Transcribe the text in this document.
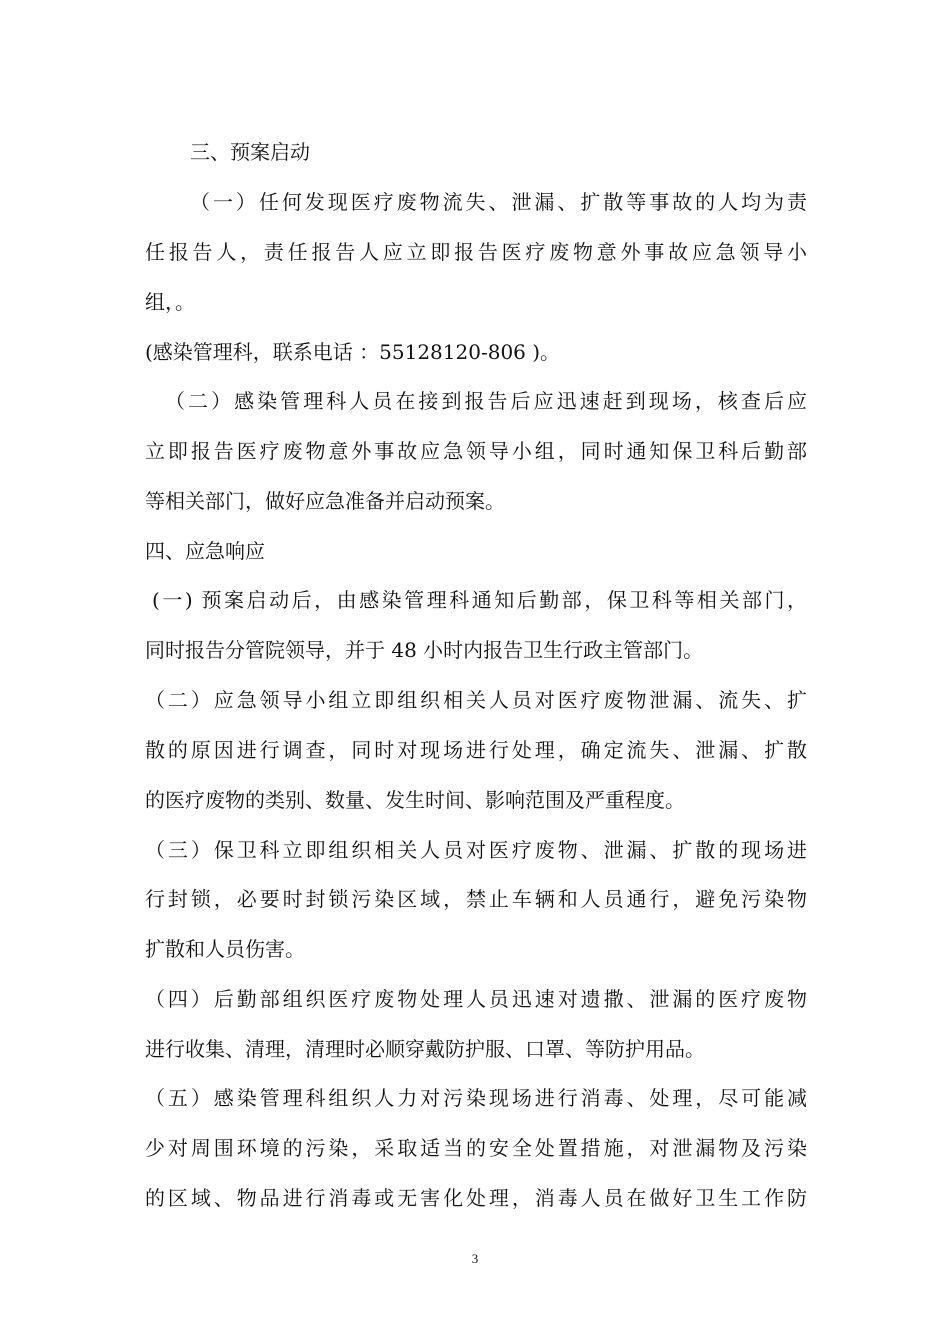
三、预案启动
（一）任何发现医疗废物流失、泄漏、扩散等事故的人均为责
任报告人，责任报告人应立即报告医疗废物意外事故应急领导小
组，。
(感染管理科，联系电话 ：55128120-806 )。
（二）感染管理科人员在接到报告后应迅速赶到现场，核查后应
立即报告医疗废物意外事故应急领导小组，同时通知保卫科后勤部
等相关部门，做好应急准备并启动预案。
四、应急响应
(一) 预案启动后，由感染管理科通知后勤部，保卫科等相关部门，
同时报告分管院领导，并于 48 小时内报告卫生行政主管部门。
（二）应急领导小组立即组织相关人员对医疗废物泄漏、流失、扩
散的原因进行调查，同时对现场进行处理，确定流失、泄漏、扩散
的医疗废物的类别、数量、发生时间、影响范围及严重程度。
（三）保卫科立即组织相关人员对医疗废物、泄漏、扩散的现场进
行封锁，必要时封锁污染区域，禁止车辆和人员通行，避免污染物
扩散和人员伤害。
（四）后勤部组织医疗废物处理人员迅速对遗撒、泄漏的医疗废物
进行收集、清理，清理时必顺穿戴防护服、口罩、等防护用品。
（五）感染管理科组织人力对污染现场进行消毒、处理，尽可能减
少对周围环境的污染，采取适当的安全处置措施，对泄漏物及污染
的区域、物品进行消毒或无害化处理，消毒人员在做好卫生工作防
3
